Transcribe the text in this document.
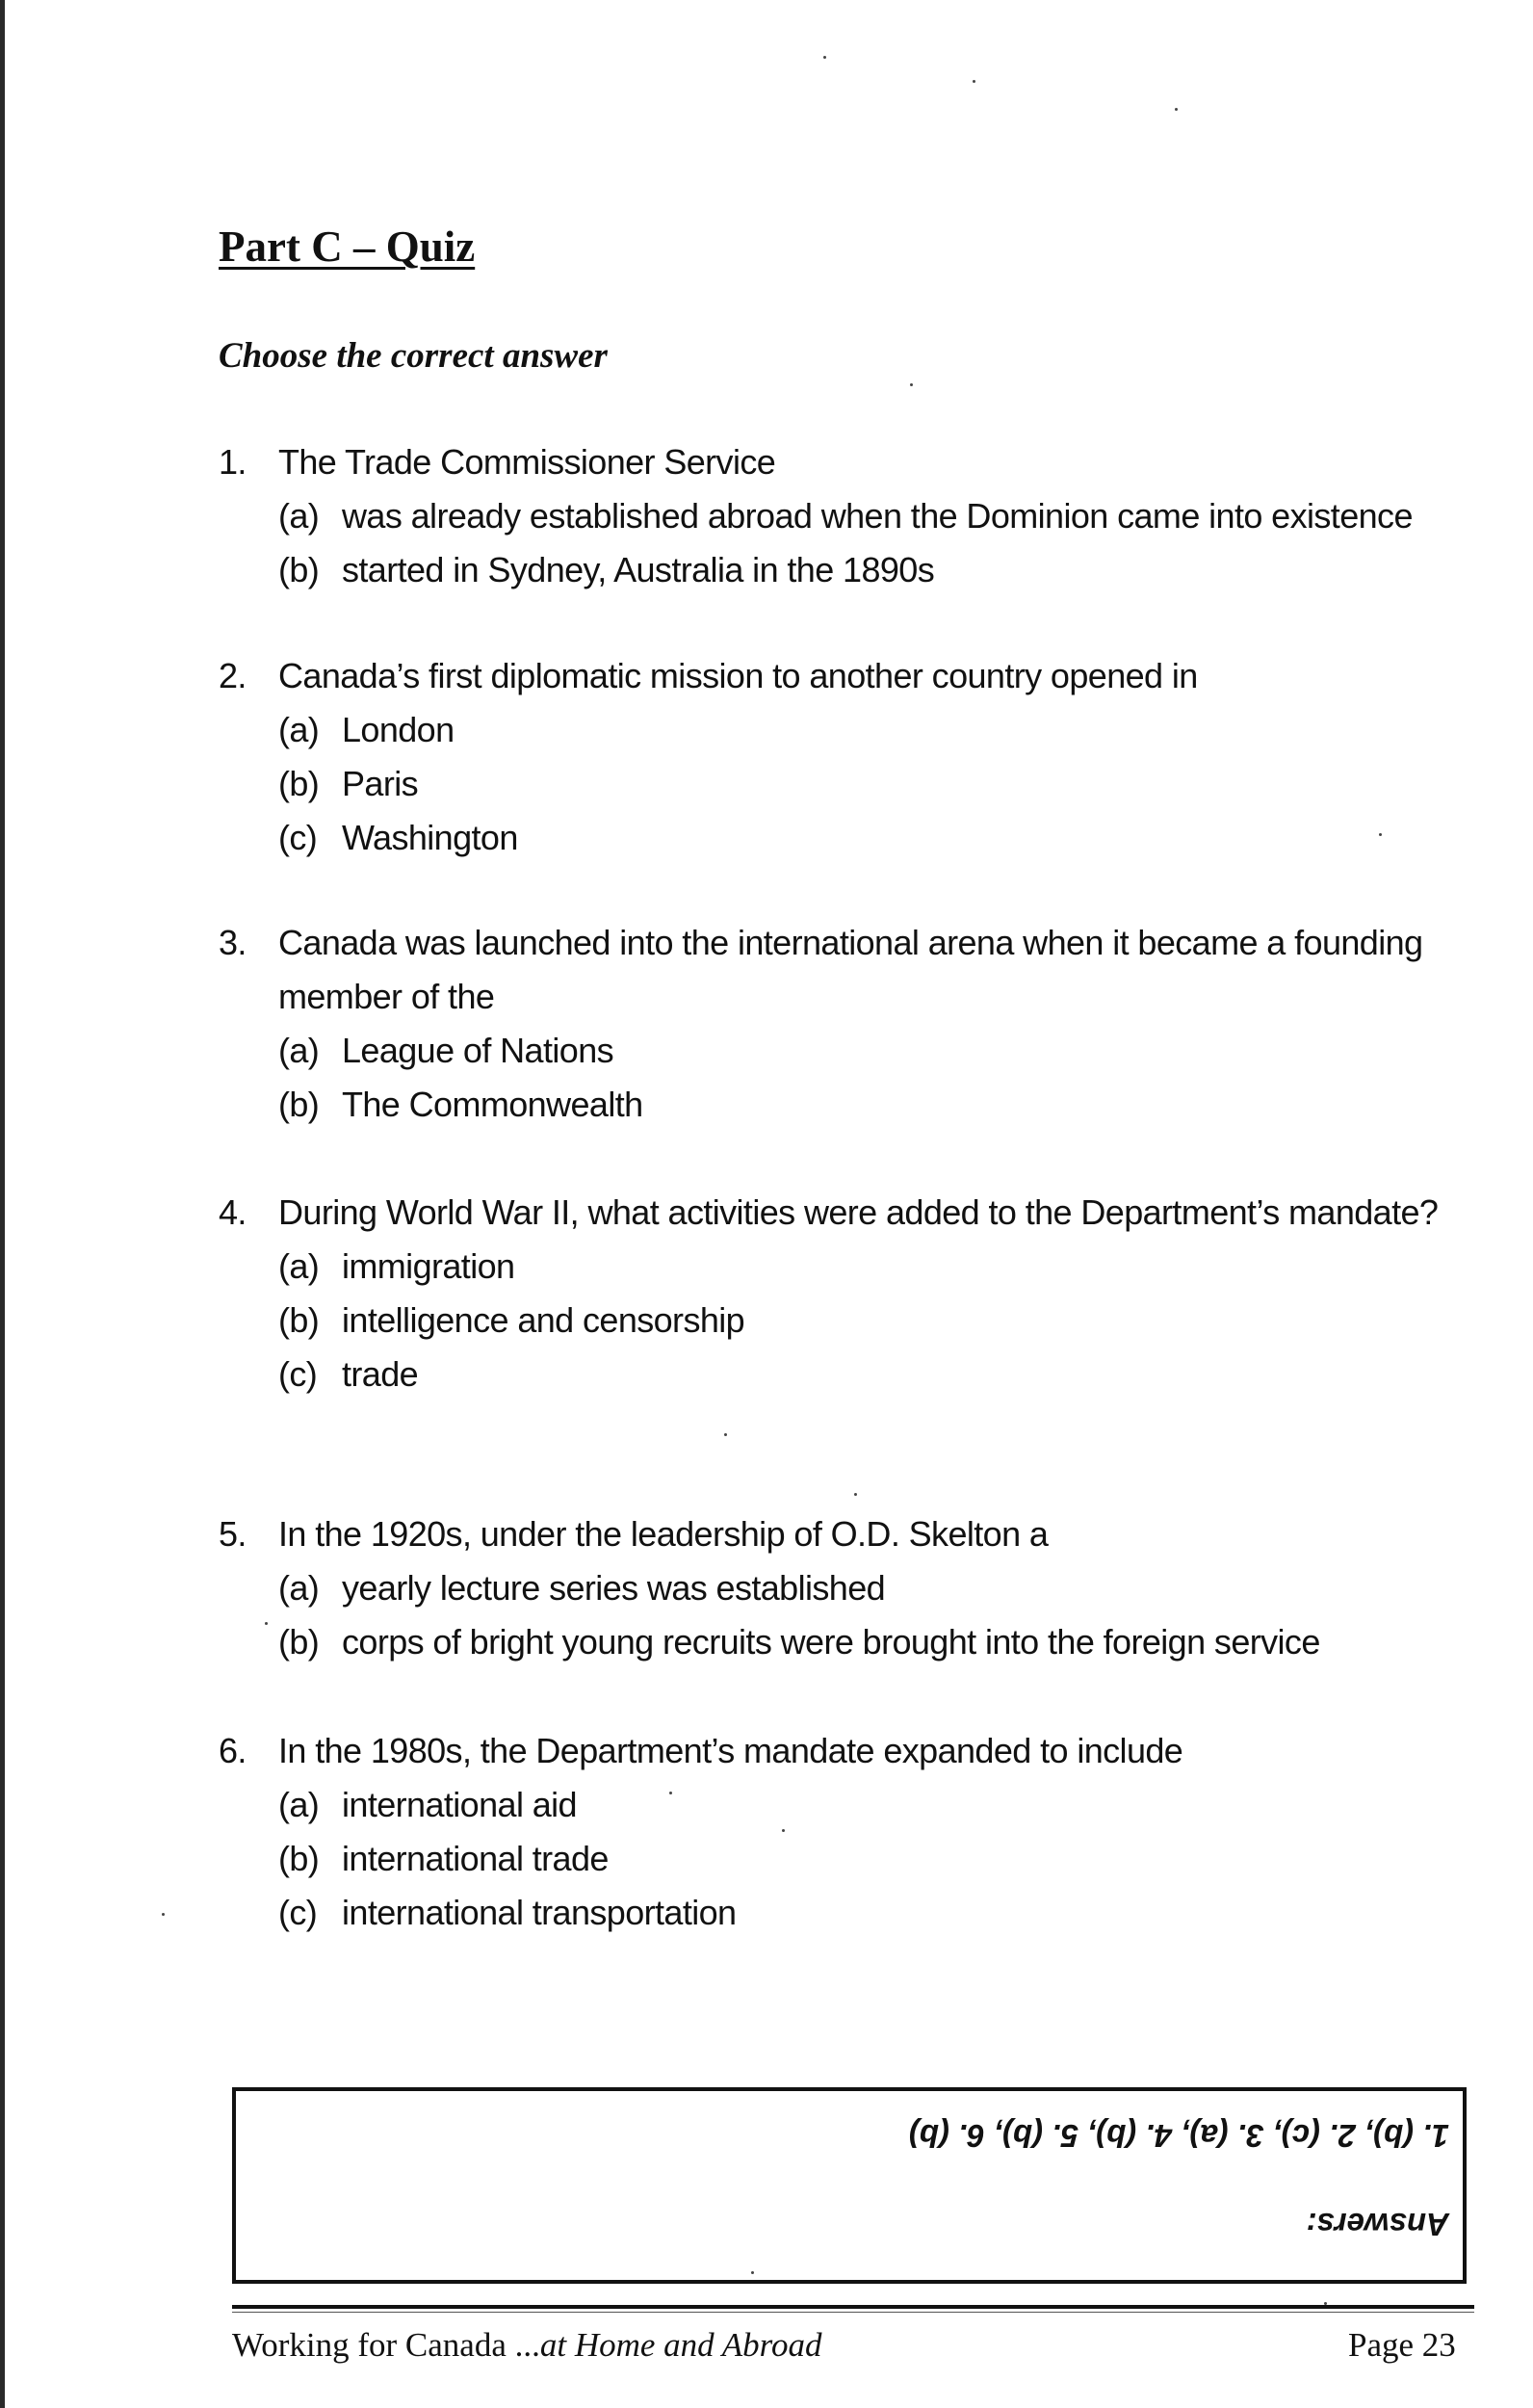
Part C – Quiz

Choose the correct answer

1. The Trade Commissioner Service
(a) was already established abroad when the Dominion came into existence
(b) started in Sydney, Australia in the 1890s
2. Canada’s first diplomatic mission to another country opened in
(a) London
(b) Paris
(c) Washington
3. Canada was launched into the international arena when it became a founding member of the
(a) League of Nations
(b) The Commonwealth
4. During World War II, what activities were added to the Department’s mandate?
(a) immigration
(b) intelligence and censorship
(c) trade
5. In the 1920s, under the leadership of O.D. Skelton a
(a) yearly lecture series was established
(b) corps of bright young recruits were brought into the foreign service
6. In the 1980s, the Department’s mandate expanded to include
(a) international aid
(b) international trade
(c) international transportation
Answers:
1. (b), 2. (c), 3. (a), 4. (b), 5. (b), 6. (b)
Working for Canada ...at Home and Abroad	Page 23
